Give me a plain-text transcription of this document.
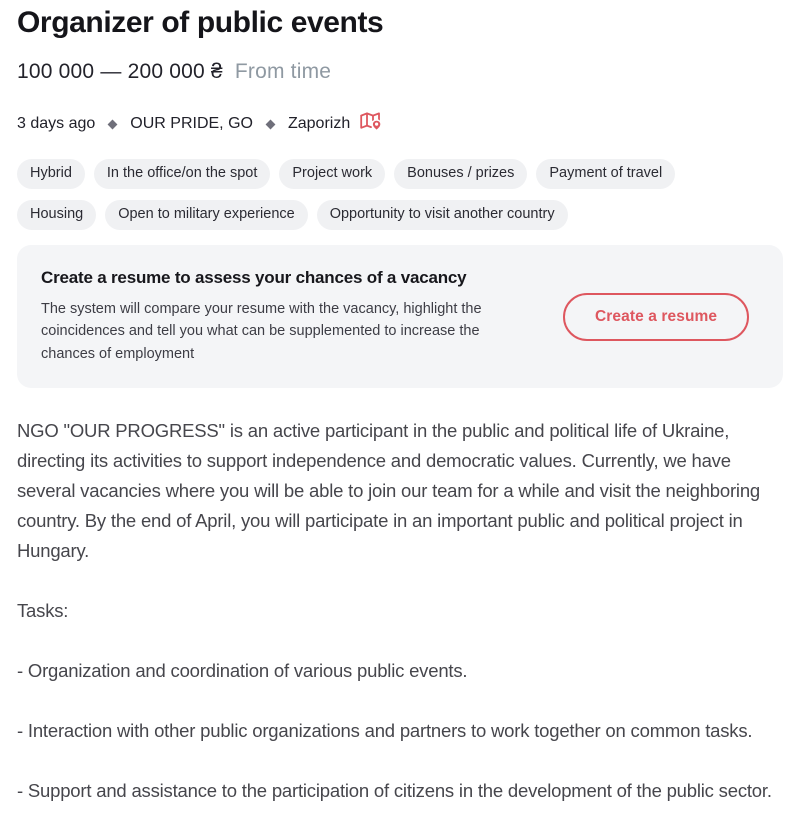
Organizer of public events
100 000 — 200 000 ₴ From time
3 days ago OUR PRIDE, GO Zaporizh
Hybrid	In the office/on the spot	Project work	Bonuses / prizes	Payment of travel
Housing	Open to military experience	Opportunity to visit another country
Create a resume to assess your chances of a vacancy
The system will compare your resume with the vacancy, highlight the coincidences and tell you what can be supplemented to increase the chances of employment
Create a resume

NGO "OUR PROGRESS" is an active participant in the public and political life of Ukraine, directing its activities to support independence and democratic values. Currently, we have several vacancies where you will be able to join our team for a while and visit the neighboring country. By the end of April, you will participate in an important public and political project in Hungary.

Tasks:

- Organization and coordination of various public events.

- Interaction with other public organizations and partners to work together on common tasks.

- Support and assistance to the participation of citizens in the development of the public sector.
